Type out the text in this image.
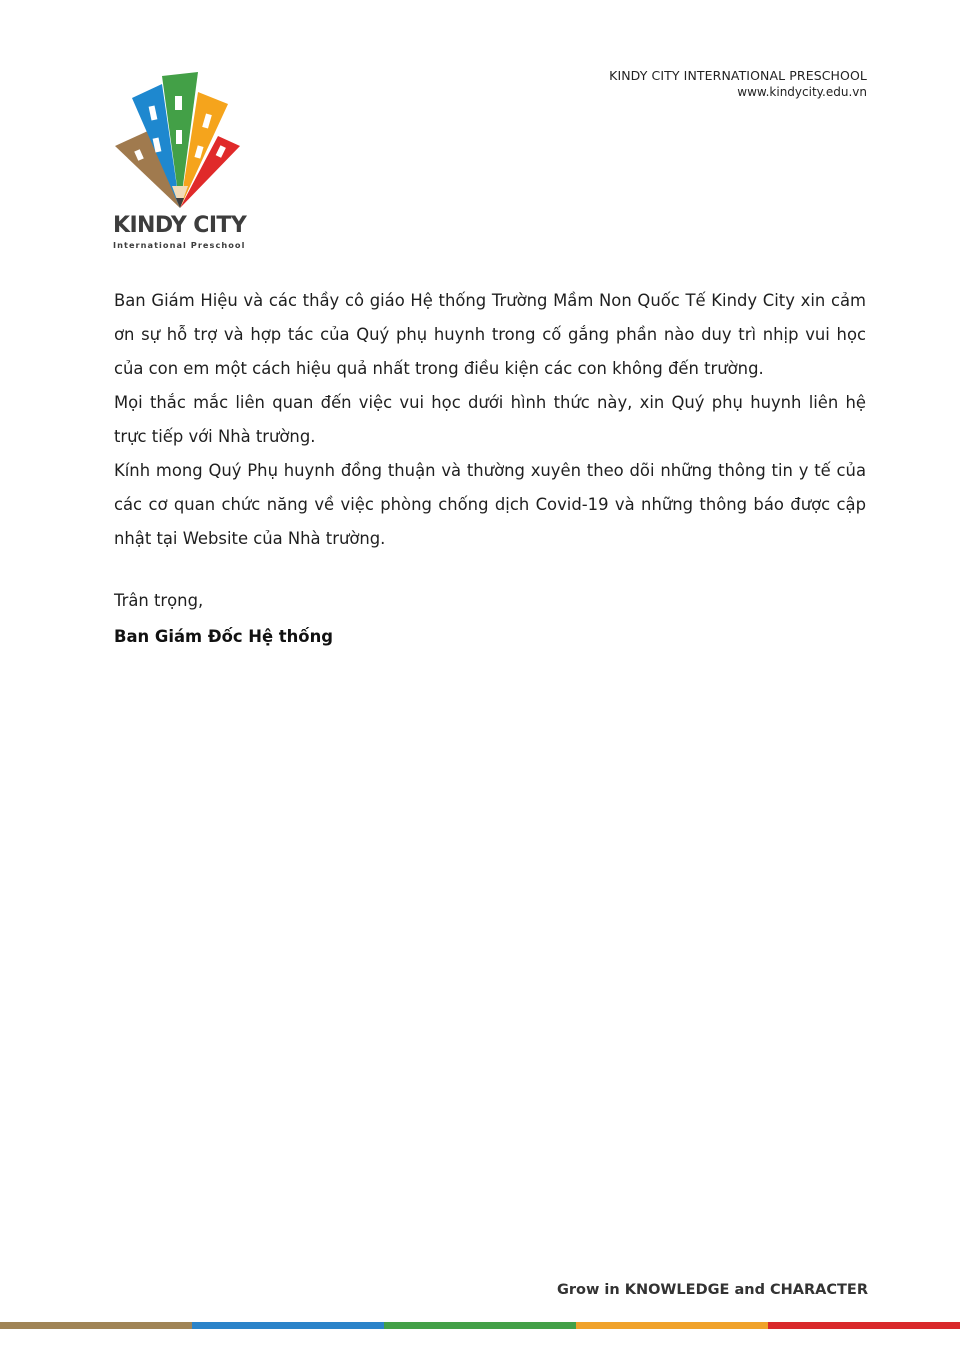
KINDY CITY
International Preschool
KINDY CITY INTERNATIONAL PRESCHOOL
www.kindycity.edu.vn

Ban Giám Hiệu và các thầy cô giáo Hệ thống Trường Mầm Non Quốc Tế Kindy City xin cảm ơn sự hỗ trợ và hợp tác của Quý phụ huynh trong cố gắng phần nào duy trì nhịp vui học của con em một cách hiệu quả nhất trong điều kiện các con không đến trường.

Mọi thắc mắc liên quan đến việc vui học dưới hình thức này, xin Quý phụ huynh liên hệ trực tiếp với Nhà trường.

Kính mong Quý Phụ huynh đồng thuận và thường xuyên theo dõi những thông tin y tế của các cơ quan chức năng về việc phòng chống dịch Covid-19 và những thông báo được cập nhật tại Website của Nhà trường.

Trân trọng,

Ban Giám Đốc Hệ thống

Grow in KNOWLEDGE and CHARACTER
